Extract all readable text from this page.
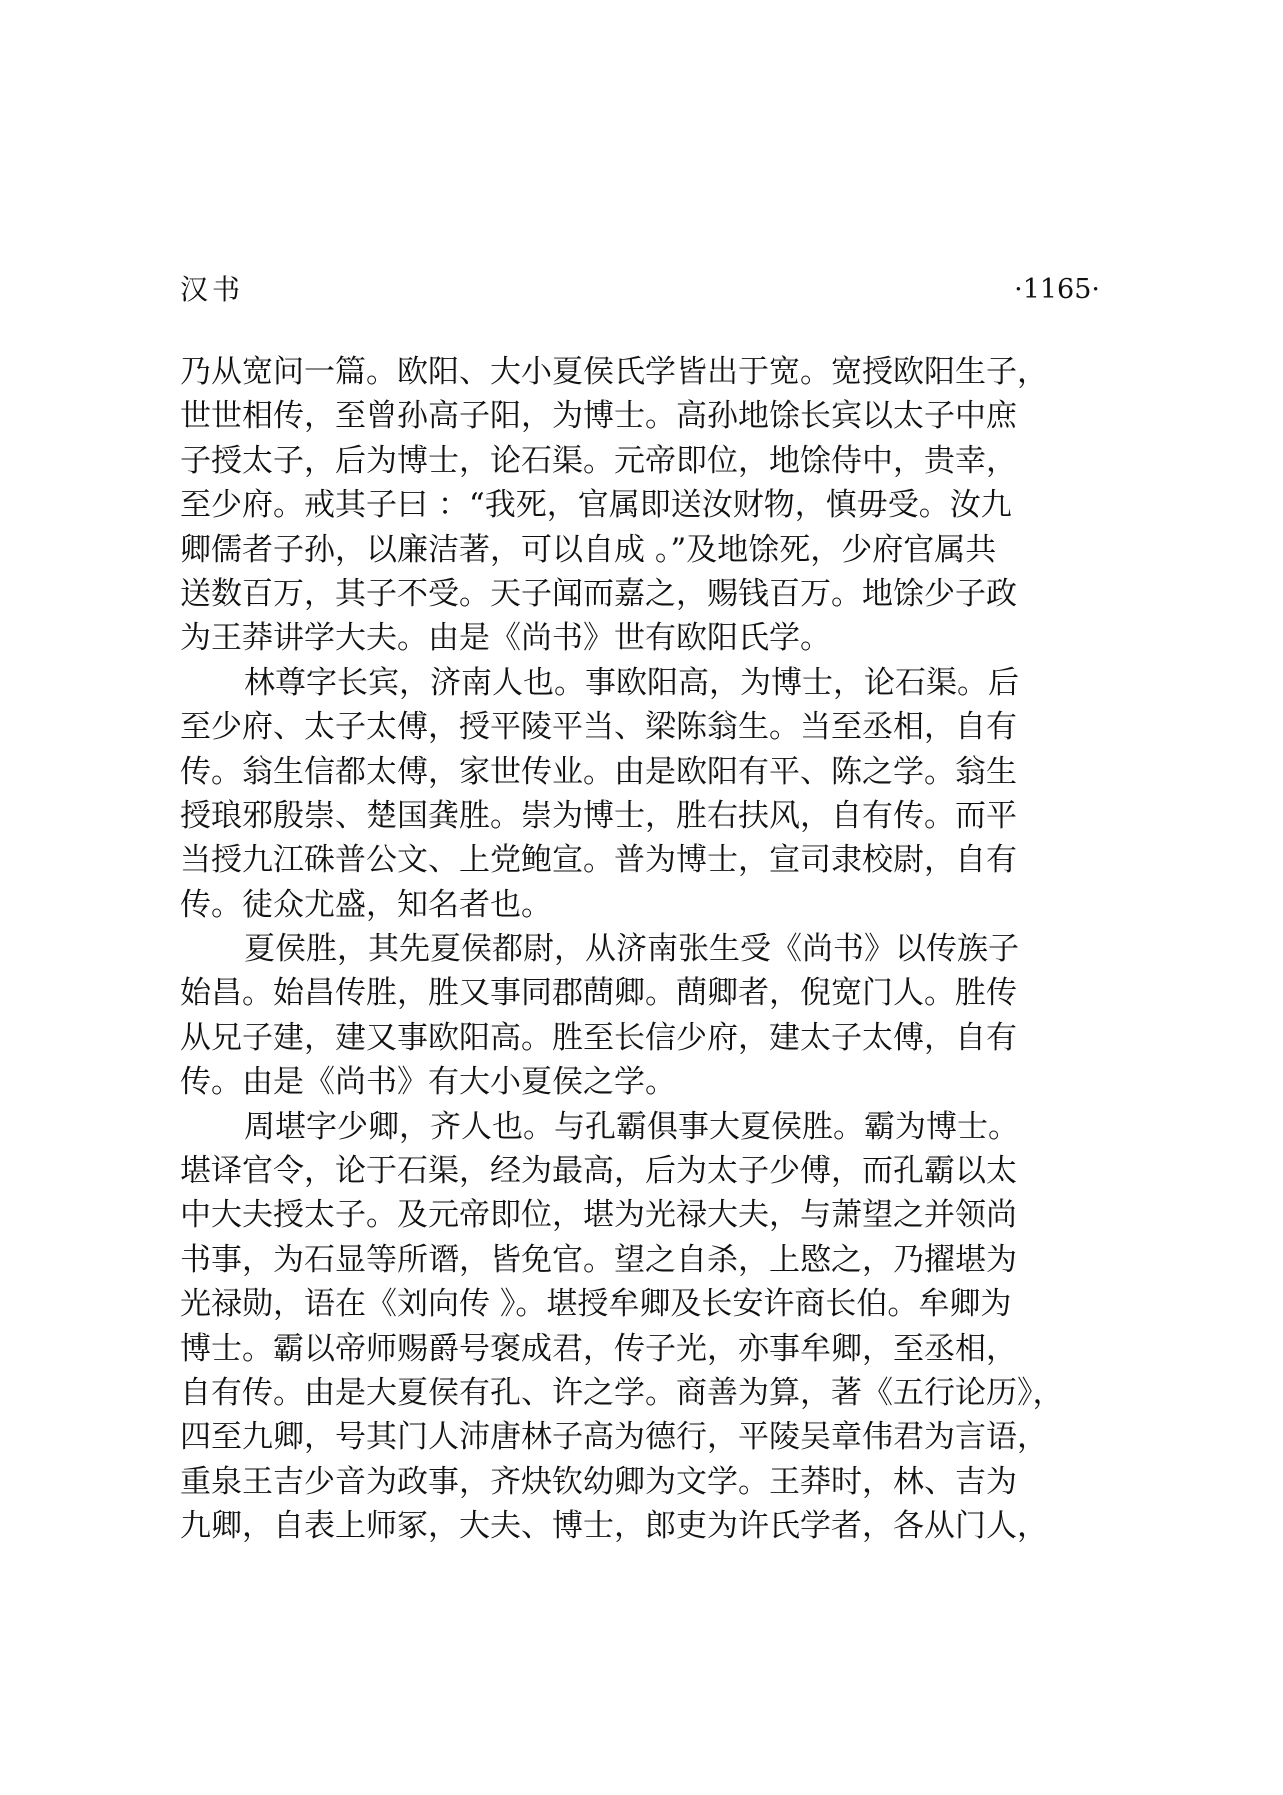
汉书	·1165·
乃从宽问一篇。欧阳、大小夏侯氏学皆出于宽。宽授欧阳生子，
世世相传，至曾孙高子阳，为博士。高孙地馀长宾以太子中庶
子授太子，后为博士，论石渠。元帝即位，地馀侍中，贵幸，
至少府。戒其子曰 ：“我死，官属即送汝财物，慎毋受。汝九
卿儒者子孙，以廉洁著，可以自成 。”及地馀死，少府官属共
送数百万，其子不受。天子闻而嘉之，赐钱百万。地馀少子政
为王莽讲学大夫。由是《尚书》世有欧阳氏学。
林尊字长宾，济南人也。事欧阳高，为博士，论石渠。后
至少府、太子太傅，授平陵平当、梁陈翁生。当至丞相，自有
传。翁生信都太傅，家世传业。由是欧阳有平、陈之学。翁生
授琅邪殷崇、楚国龚胜。崇为博士，胜右扶风，自有传。而平
当授九江硃普公文、上党鲍宣。普为博士，宣司隶校尉，自有
传。徒众尤盛，知名者也。
夏侯胜，其先夏侯都尉，从济南张生受《尚书》以传族子
始昌。始昌传胜，胜又事同郡蔄卿。蔄卿者，倪宽门人。胜传
从兄子建，建又事欧阳高。胜至长信少府，建太子太傅，自有
传。由是《尚书》有大小夏侯之学。
周堪字少卿，齐人也。与孔霸俱事大夏侯胜。霸为博士。
堪译官令，论于石渠，经为最高，后为太子少傅，而孔霸以太
中大夫授太子。及元帝即位，堪为光禄大夫，与萧望之并领尚
书事，为石显等所谮，皆免官。望之自杀，上愍之，乃擢堪为
光禄勋，语在《刘向传 》。堪授牟卿及长安许商长伯。牟卿为
博士。霸以帝师赐爵号褒成君，传子光，亦事牟卿，至丞相，
自有传。由是大夏侯有孔、许之学。商善为算，著《五行论历》，
四至九卿，号其门人沛唐林子高为德行，平陵吴章伟君为言语，
重泉王吉少音为政事，齐炔钦幼卿为文学。王莽时，林、吉为
九卿，自表上师冢，大夫、博士，郎吏为许氏学者，各从门人，
